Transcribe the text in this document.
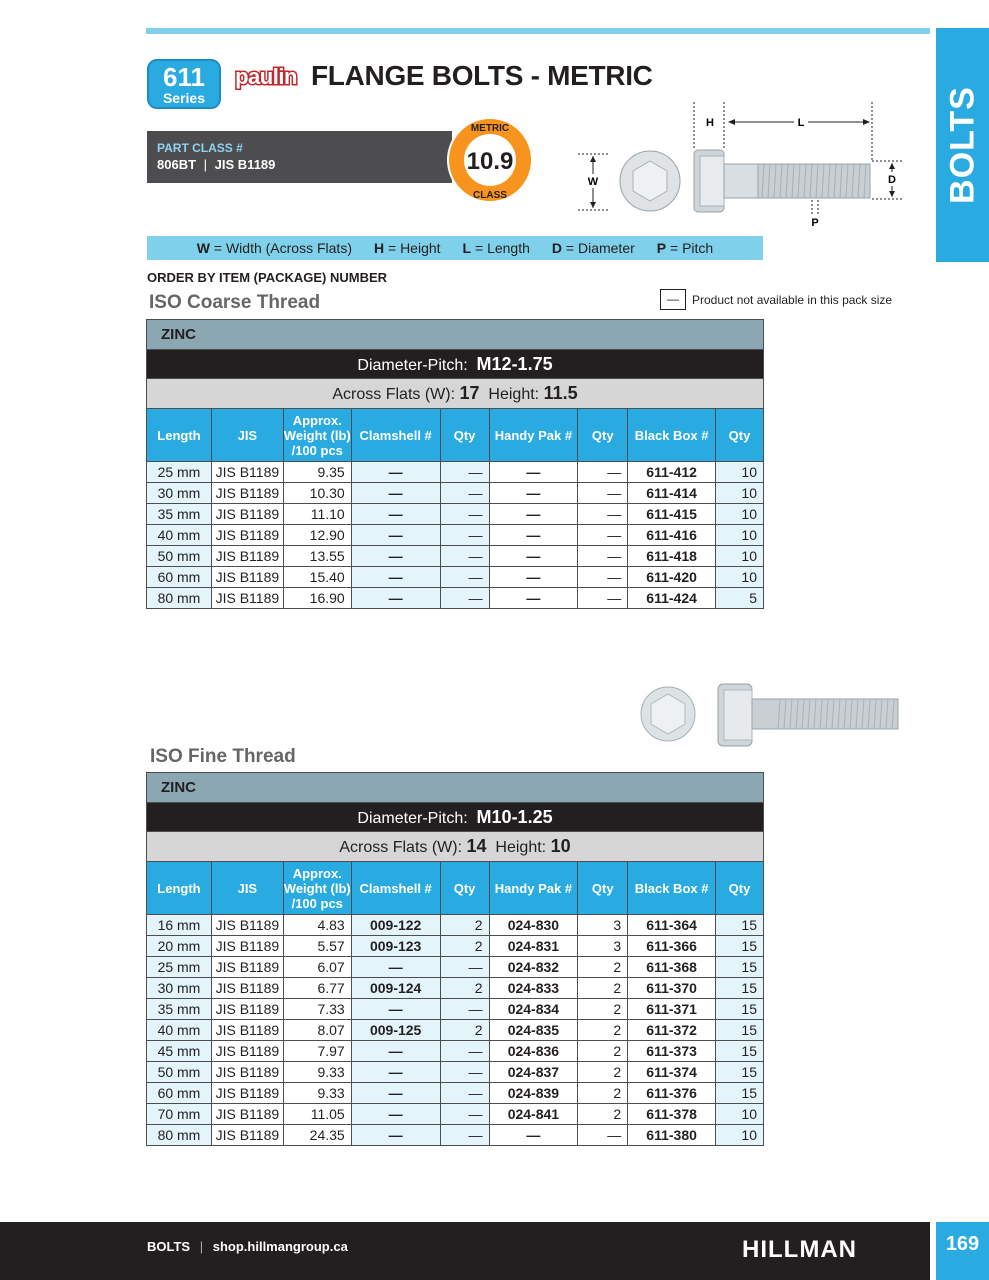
BOLTS
611
Series
paulin FLANGE BOLTS - METRIC
PART CLASS #
806BT | JIS B1189
METRIC
10.9
CLASS
W
H	L
D
P
W = Width (Across Flats) H = Height L = Length D = Diameter P = Pitch
ORDER BY ITEM (PACKAGE) NUMBER
ISO Coarse Thread	—	Product not available in this pack size
ZINC								
Diameter-Pitch: M12-1.75								
Across Flats (W): 17 Height: 11.5								
Length	JIS	Approx.
Weight (lb)
/100 pcs	Clamshell #	Qty	Handy Pak #	Qty	Black Box #	Qty
25 mm	JIS B1189	9.35	—	—	—	—	611-412	10
30 mm	JIS B1189	10.30	—	—	—	—	611-414	10
35 mm	JIS B1189	11.10	—	—	—	—	611-415	10
40 mm	JIS B1189	12.90	—	—	—	—	611-416	10
50 mm	JIS B1189	13.55	—	—	—	—	611-418	10
60 mm	JIS B1189	15.40	—	—	—	—	611-420	10
80 mm	JIS B1189	16.90	—	—	—	—	611-424	5
ISO Fine Thread
ZINC								
Diameter-Pitch: M10-1.25								
Across Flats (W): 14 Height: 10								
Length	JIS	Approx.
Weight (lb)
/100 pcs	Clamshell #	Qty	Handy Pak #	Qty	Black Box #	Qty
16 mm	JIS B1189	4.83	009-122	2	024-830	3	611-364	15
20 mm	JIS B1189	5.57	009-123	2	024-831	3	611-366	15
25 mm	JIS B1189	6.07	—	—	024-832	2	611-368	15
30 mm	JIS B1189	6.77	009-124	2	024-833	2	611-370	15
35 mm	JIS B1189	7.33	—	—	024-834	2	611-371	15
40 mm	JIS B1189	8.07	009-125	2	024-835	2	611-372	15
45 mm	JIS B1189	7.97	—	—	024-836	2	611-373	15
50 mm	JIS B1189	9.33	—	—	024-837	2	611-374	15
60 mm	JIS B1189	9.33	—	—	024-839	2	611-376	15
70 mm	JIS B1189	11.05	—	—	024-841	2	611-378	10
80 mm	JIS B1189	24.35	—	—	—	—	611-380	10
BOLTS | shop.hillmangroup.ca	HILLMAN	169
